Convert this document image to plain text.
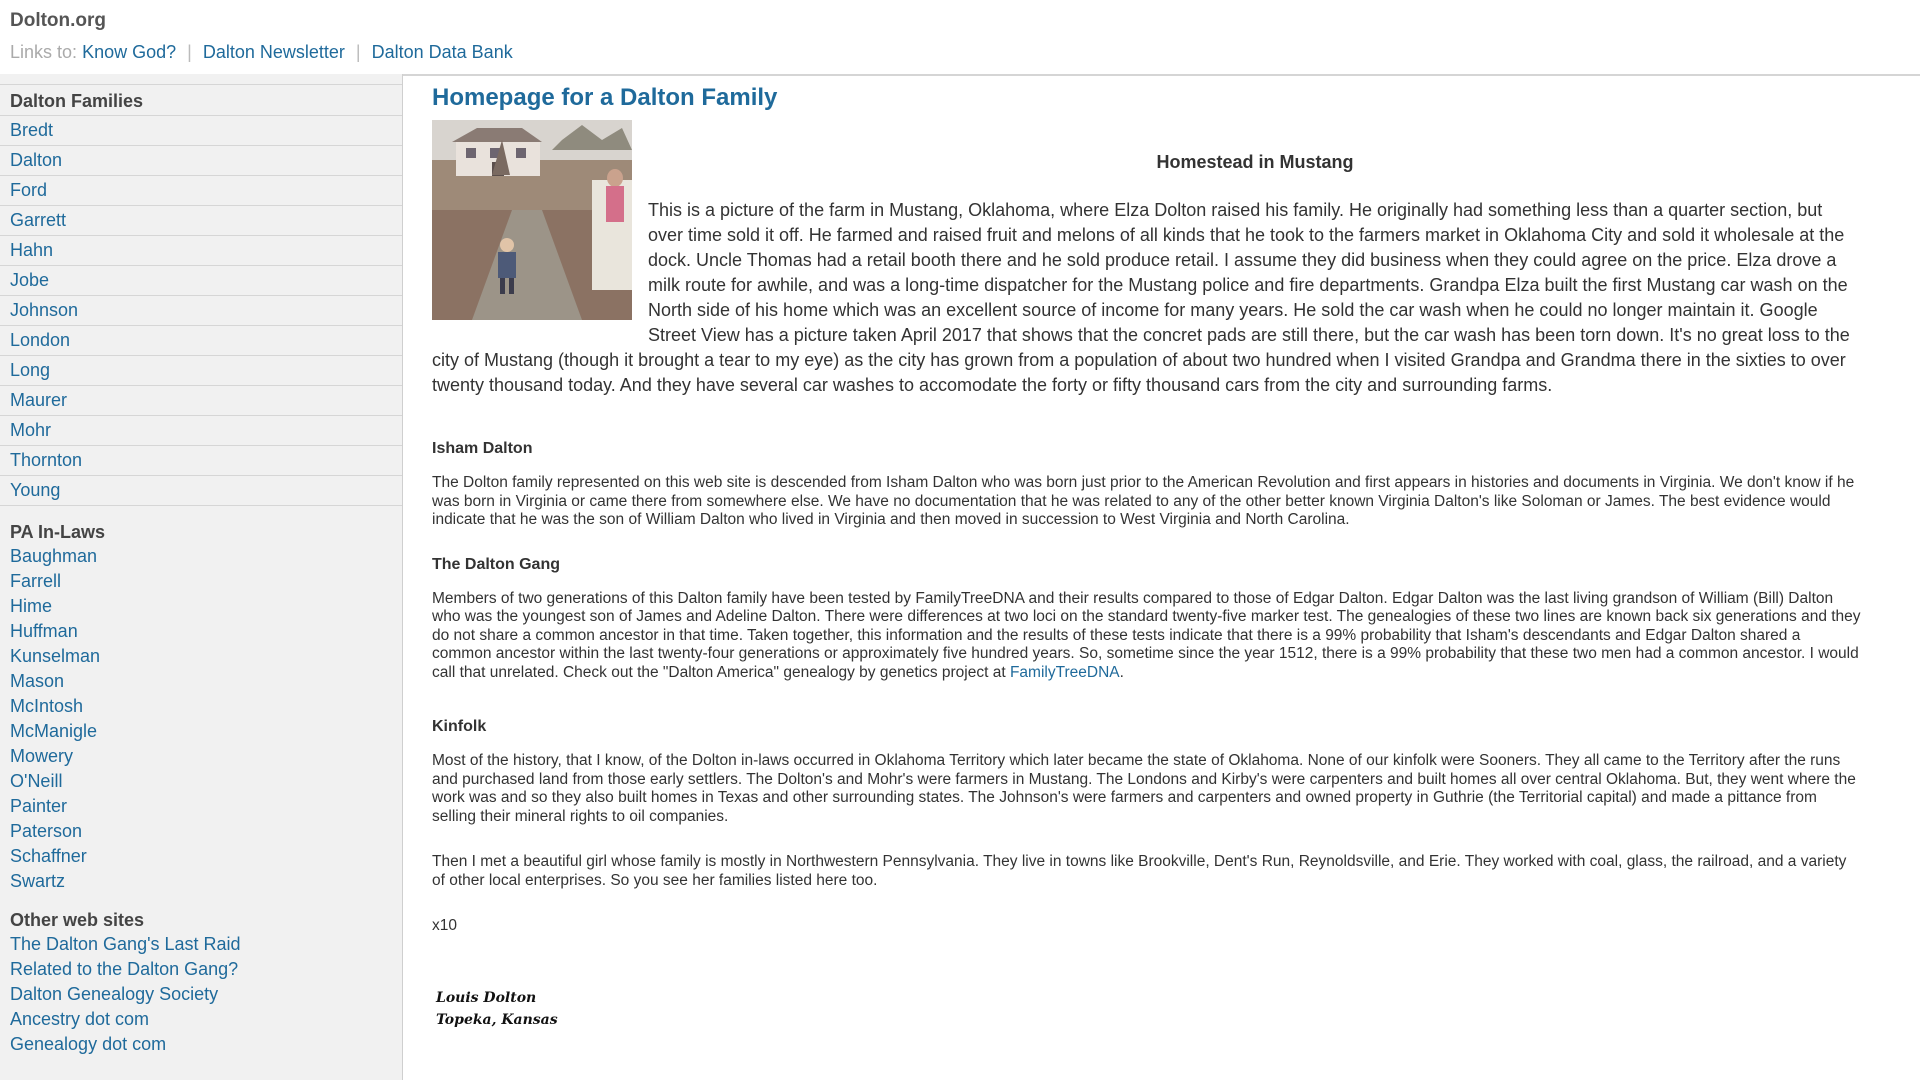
Dolton.org
Links to: Know God? | Dalton Newsletter | Dalton Data Bank
Dalton Families
Bredt
Dalton
Ford
Garrett
Hahn
Jobe
Johnson
London
Long
Maurer
Mohr
Thornton
Young
PA In-Laws
Baughman
Farrell
Hime
Huffman
Kunselman
Mason
McIntosh
McManigle
Mowery
O'Neill
Painter
Paterson
Schaffner
Swartz
Other web sites
The Dalton Gang's Last Raid
Related to the Dalton Gang?
Dalton Genealogy Society
Ancestry dot com
Genealogy dot com
Homepage for a Dalton Family
Homestead in Mustang
This is a picture of the farm in Mustang, Oklahoma, where Elza Dolton raised his family. He originally had something less than a quarter section, but over time sold it off. He farmed and raised fruit and melons of all kinds that he took to the farmers market in Oklahoma City and sold it wholesale at the dock. Uncle Thomas had a retail booth there and he sold produce retail. I assume they did business when they could agree on the price. Elza drove a milk route for awhile, and was a long-time dispatcher for the Mustang police and fire departments. Grandpa Elza built the first Mustang car wash on the North side of his home which was an excellent source of income for many years. He sold the car wash when he could no longer maintain it. Google Street View has a picture taken April 2017 that shows that the concret pads are still there, but the car wash has been torn down. It's no great loss to the city of Mustang (though it brought a tear to my eye) as the city has grown from a population of about two hundred when I visited Grandpa and Grandma there in the sixties to over twenty thousand today. And they have several car washes to accomodate the forty or fifty thousand cars from the city and surrounding farms.
Isham Dalton

The Dolton family represented on this web site is descended from Isham Dalton who was born just prior to the American Revolution and first appears in histories and documents in Virginia. We don't know if he was born in Virginia or came there from somewhere else. We have no documentation that he was related to any of the other better known Virginia Dalton's like Soloman or James. The best evidence would indicate that he was the son of William Dalton who lived in Virginia and then moved in succession to West Virginia and North Carolina.

The Dalton Gang

Members of two generations of this Dalton family have been tested by FamilyTreeDNA and their results compared to those of Edgar Dalton. Edgar Dalton was the last living grandson of William (Bill) Dalton who was the youngest son of James and Adeline Dalton. There were differences at two loci on the standard twenty-five marker test. The genealogies of these two lines are known back six generations and they do not share a common ancestor in that time. Taken together, this information and the results of these tests indicate that there is a 99% probability that Isham's descendants and Edgar Dalton shared a common ancestor within the last twenty-four generations or approximately five hundred years. So, sometime since the year 1512, there is a 99% probability that these two men had a common ancestor. I would call that unrelated. Check out the "Dalton America" genealogy by genetics project at FamilyTreeDNA.

Kinfolk

Most of the history, that I know, of the Dolton in-laws occurred in Oklahoma Territory which later became the state of Oklahoma. None of our kinfolk were Sooners. They all came to the Territory after the runs and purchased land from those early settlers. The Dolton's and Mohr's were farmers in Mustang. The Londons and Kirby's were carpenters and built homes all over central Oklahoma. But, they went where the work was and so they also built homes in Texas and other surrounding states. The Johnson's were farmers and carpenters and owned property in Guthrie (the Territorial capital) and made a pittance from selling their mineral rights to oil companies.

Then I met a beautiful girl whose family is mostly in Northwestern Pennsylvania. They live in towns like Brookville, Dent's Run, Reynoldsville, and Erie. They worked with coal, glass, the railroad, and a variety of other local enterprises. So you see her families listed here too.

x10

Louis Dolton
Topeka, Kansas
